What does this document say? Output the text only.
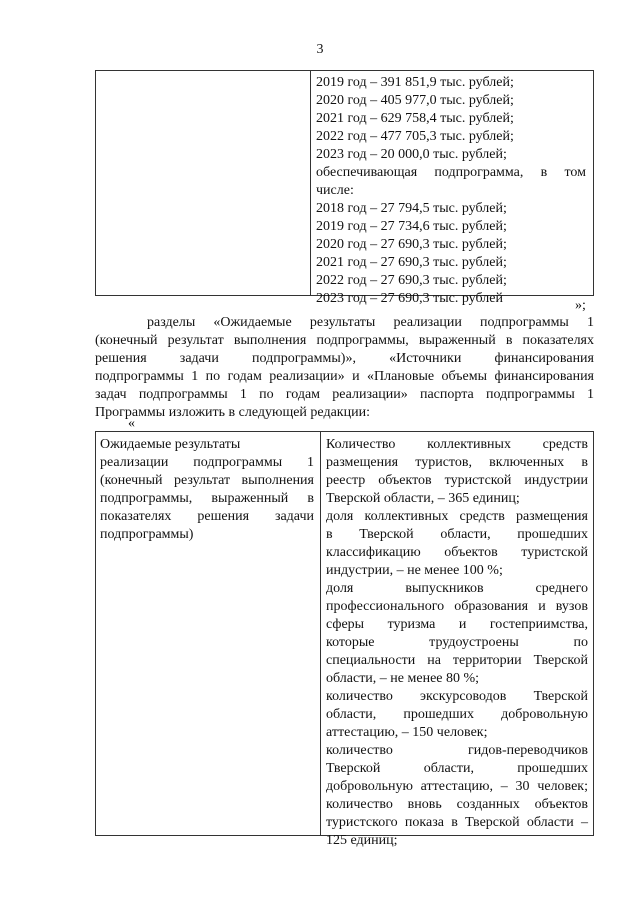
3
2019 год – 391 851,9 тыс. рублей;
2020 год – 405 977,0 тыс. рублей;
2021 год – 629 758,4 тыс. рублей;
2022 год – 477 705,3 тыс. рублей;
2023 год – 20 000,0 тыс. рублей;
обеспечивающая подпрограмма, в том
числе:
2018 год – 27 794,5 тыс. рублей;
2019 год – 27 734,6 тыс. рублей;
2020 год – 27 690,3 тыс. рублей;
2021 год – 27 690,3 тыс. рублей;
2022 год – 27 690,3 тыс. рублей;
2023 год – 27 690,3 тыс. рублей	»;
разделы «Ожидаемые результаты реализации подпрограммы 1
(конечный результат выполнения подпрограммы, выраженный в показателях
решения задачи подпрограммы)», «Источники финансирования
подпрограммы 1 по годам реализации» и «Плановые объемы финансирования
задач подпрограммы 1 по годам реализации» паспорта подпрограммы 1
Программы изложить в следующей редакции:
«
Ожидаемые результаты
реализации подпрограммы 1
(конечный результат выполнения
подпрограммы, выраженный в
показателях решения задачи
подпрограммы)
Количество коллективных средств
размещения туристов, включенных в
реестр объектов туристской индустрии
Тверской области, – 365 единиц;
доля коллективных средств размещения
в Тверской области, прошедших
классификацию объектов туристской
индустрии, – не менее 100 %;
доля выпускников среднего
профессионального образования и вузов
сферы туризма и гостеприимства,
которые трудоустроены по
специальности на территории Тверской
области, – не менее 80 %;
количество экскурсоводов Тверской
области, прошедших добровольную
аттестацию, – 150 человек;
количество гидов-переводчиков
Тверской области, прошедших
добровольную аттестацию, – 30 человек;
количество вновь созданных объектов
туристского показа в Тверской области –
125 единиц;
